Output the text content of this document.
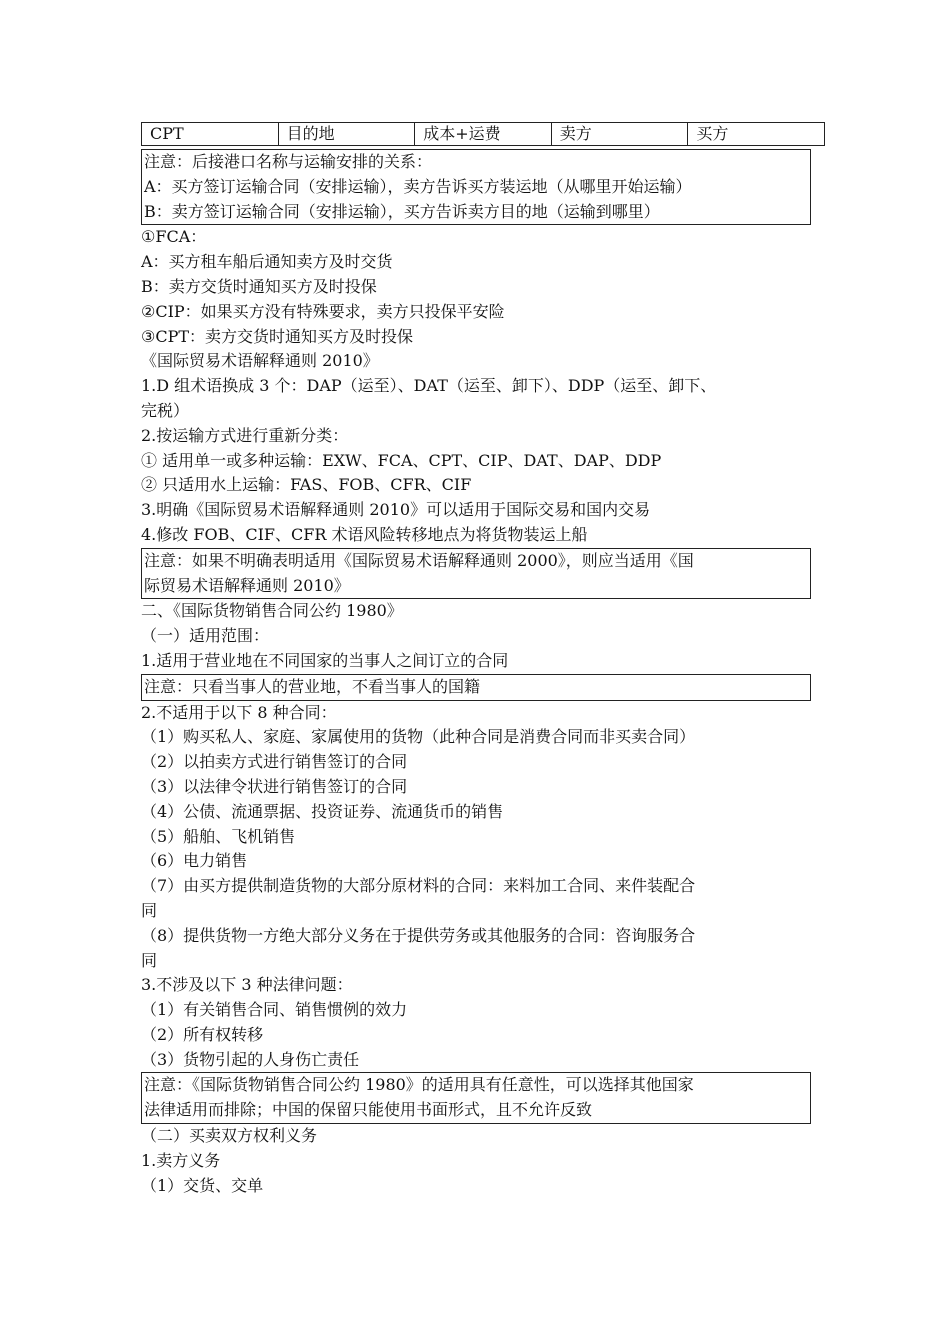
CPT	目的地	成本+运费	卖方	买方
注意：后接港口名称与运输安排的关系：
A：买方签订运输合同（安排运输），卖方告诉买方装运地（从哪里开始运输）
B：卖方签订运输合同（安排运输），买方告诉卖方目的地（运输到哪里）
①FCA：
A：买方租车船后通知卖方及时交货
B：卖方交货时通知买方及时投保
②CIP：如果买方没有特殊要求，卖方只投保平安险
③CPT：卖方交货时通知买方及时投保
《国际贸易术语解释通则 2010》
1.D 组术语换成 3 个：DAP（运至）、DAT（运至、卸下）、DDP（运至、卸下、
完税）
2.按运输方式进行重新分类：
① 适用单一或多种运输：EXW、FCA、CPT、CIP、DAT、DAP、DDP
② 只适用水上运输：FAS、FOB、CFR、CIF
3.明确《国际贸易术语解释通则 2010》可以适用于国际交易和国内交易
4.修改 FOB、CIF、CFR 术语风险转移地点为将货物装运上船
注意：如果不明确表明适用《国际贸易术语解释通则 2000》，则应当适用《国
际贸易术语解释通则 2010》
二、《国际货物销售合同公约 1980》
（一）适用范围：
1.适用于营业地在不同国家的当事人之间订立的合同
注意：只看当事人的营业地，不看当事人的国籍
2.不适用于以下 8 种合同：
（1）购买私人、家庭、家属使用的货物（此种合同是消费合同而非买卖合同）
（2）以拍卖方式进行销售签订的合同
（3）以法律令状进行销售签订的合同
（4）公债、流通票据、投资证券、流通货币的销售
（5）船舶、飞机销售
（6）电力销售
（7）由买方提供制造货物的大部分原材料的合同：来料加工合同、来件装配合
同
（8）提供货物一方绝大部分义务在于提供劳务或其他服务的合同：咨询服务合
同
3.不涉及以下 3 种法律问题：
（1）有关销售合同、销售惯例的效力
（2）所有权转移
（3）货物引起的人身伤亡责任
注意：《国际货物销售合同公约 1980》的适用具有任意性，可以选择其他国家
法律适用而排除；中国的保留只能使用书面形式，且不允许反致
（二）买卖双方权利义务
1.卖方义务
（1）交货、交单
